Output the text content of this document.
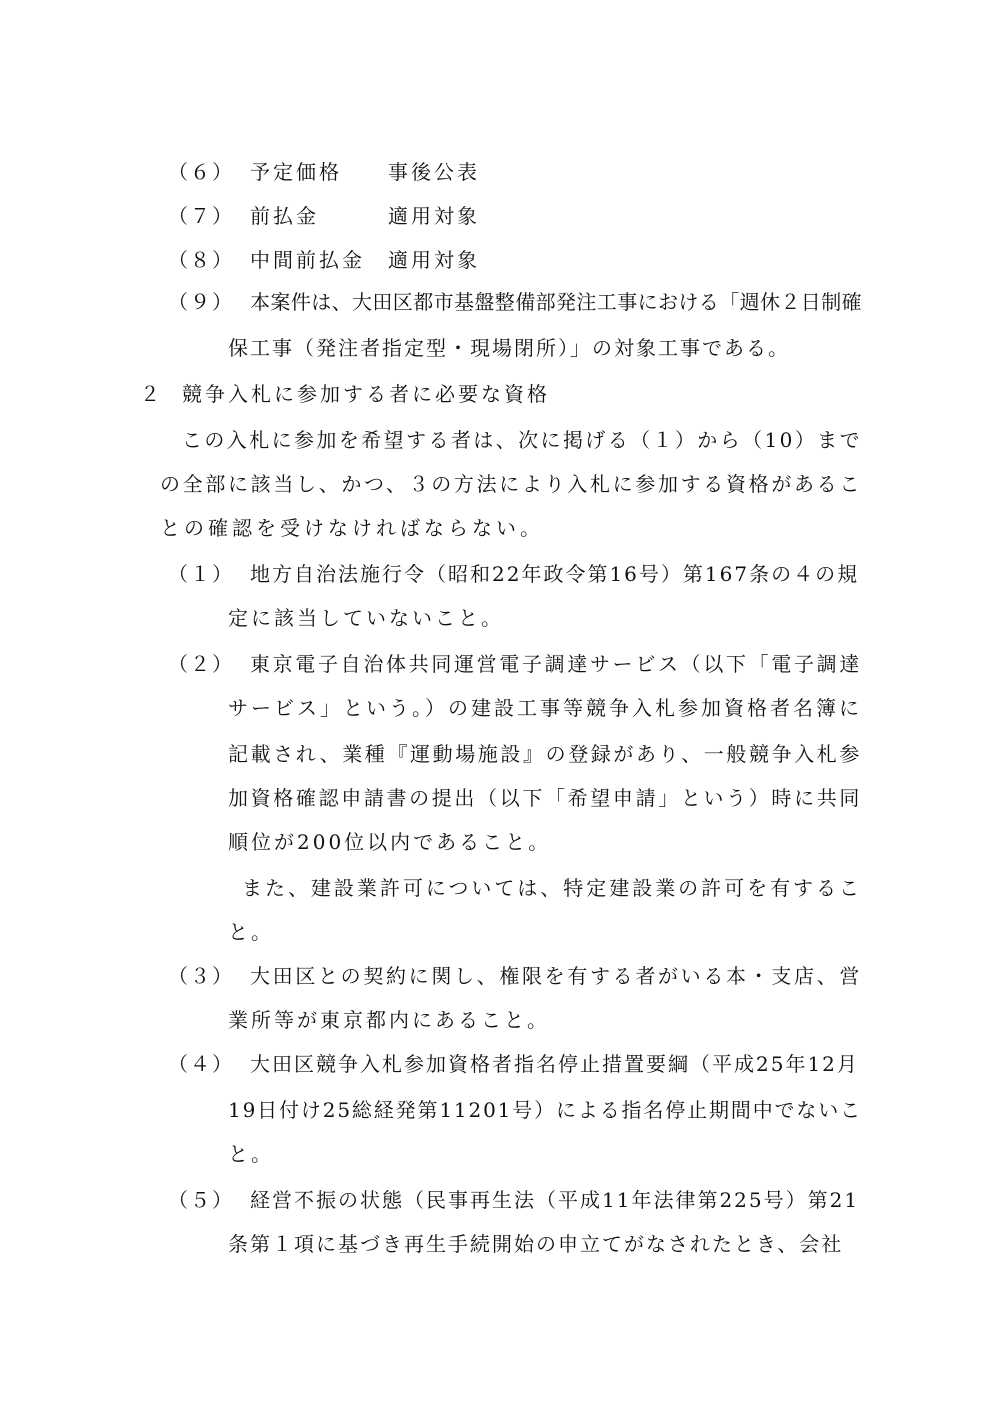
（６） 予定価格 事後公表
（７） 前払金	適用対象
（８） 中間前払金 適用対象
（９） 本案件は、大田区都市基盤整備部発注工事における「週休２日制確
保工事（発注者指定型・現場閉所）」の対象工事である。
２ 競争入札に参加する者に必要な資格
この入札に参加を希望する者は、次に掲げる（１）から（10）まで
の全部に該当し、かつ、３の方法により入札に参加する資格があるこ
との確認を受けなければならない。
（１） 地方自治法施行令（昭和22年政令第16号）第167条の４の規
定に該当していないこと。
（２） 東京電子自治体共同運営電子調達サービス（以下「電子調達
サービス」という。）の建設工事等競争入札参加資格者名簿に
記載され、業種『運動場施設』の登録があり、一般競争入札参
加資格確認申請書の提出（以下「希望申請」という）時に共同
順位が200位以内であること。
また、建設業許可については、特定建設業の許可を有するこ
と。
（３） 大田区との契約に関し、権限を有する者がいる本・支店、営
業所等が東京都内にあること。
（４） 大田区競争入札参加資格者指名停止措置要綱（平成25年12月
19日付け25総経発第11201号）による指名停止期間中でないこ
と。
（５） 経営不振の状態（民事再生法（平成11年法律第225号）第21
条第１項に基づき再生手続開始の申立てがなされたとき、会社
